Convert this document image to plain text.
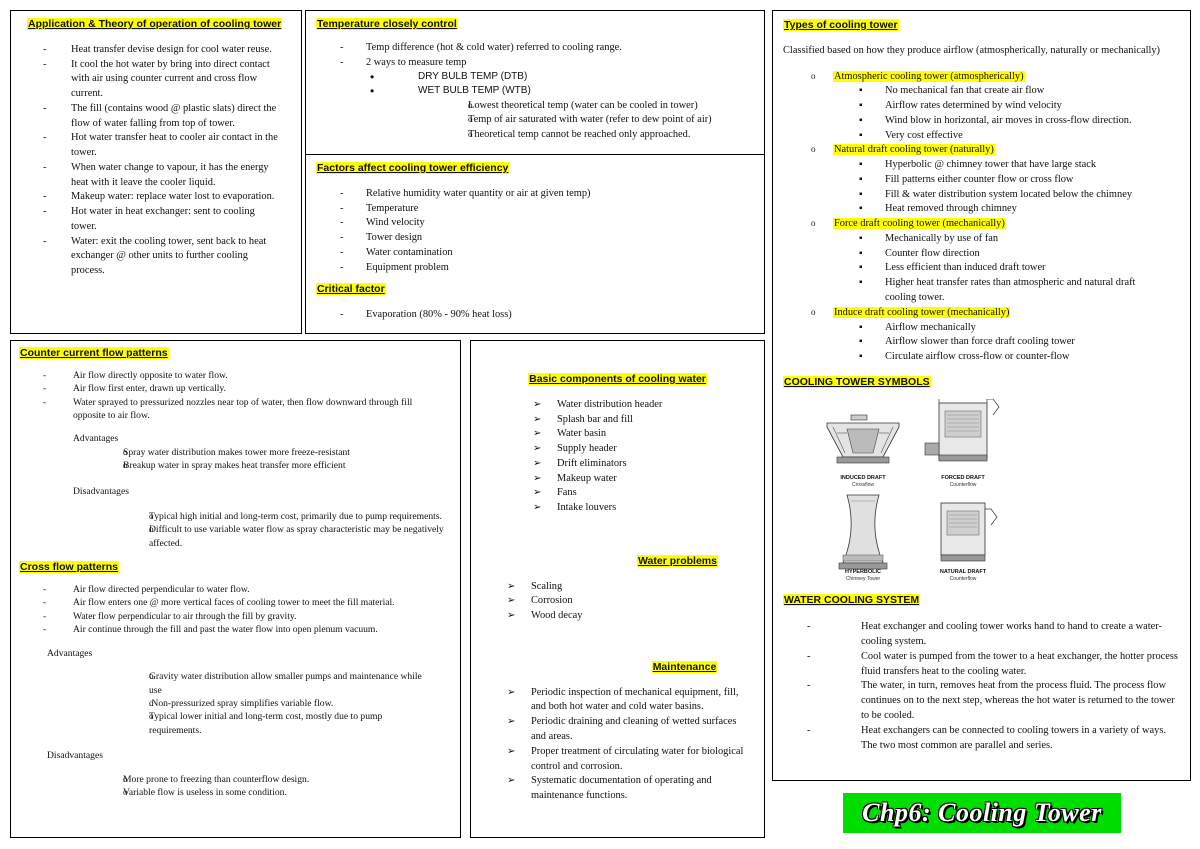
Application & Theory of operation of cooling tower
- Heat transfer devise design for cool water reuse.
- It cool the hot water by bring into direct contact with air using counter current and cross flow current.
- The fill (contains wood @ plastic slats) direct the flow of water falling from top of tower.
- Hot water transfer heat to cooler air contact in the tower.
- When water change to vapour, it has the energy heat with it leave the cooler liquid.
- Makeup water: replace water lost to evaporation.
- Hot water in heat exchanger: sent to cooling tower.
- Water: exit the cooling tower, sent back to heat exchanger @ other units to further cooling process.
Temperature closely control
- Temp difference (hot & cold water) referred to cooling range.
- 2 ways to measure temp
• DRY BULB TEMP (DTB)
• WET BULB TEMP (WTB)
o Lowest theoretical temp (water can be cooled in tower)
o Temp of air saturated with water (refer to dew point of air)
o Theoretical temp cannot be reached only approached.
Factors affect cooling tower efficiency
- Relative humidity water quantity or air at given temp)
- Temperature
- Wind velocity
- Tower design
- Water contamination
- Equipment problem
Critical factor
- Evaporation (80% - 90% heat loss)
Types of cooling tower
Classified based on how they produce airflow (atmospherically, naturally or mechanically)
o Atmospheric cooling tower (atmospherically)
▪ No mechanical fan that create air flow
▪ Airflow rates determined by wind velocity
▪ Wind blow in horizontal, air moves in cross-flow direction.
▪ Very cost effective
o Natural draft cooling tower (naturally)
▪ Hyperbolic @ chimney tower that have large stack
▪ Fill patterns either counter flow or cross flow
▪ Fill & water distribution system located below the chimney
▪ Heat removed through chimney
o Force draft cooling tower (mechanically)
▪ Mechanically by use of fan
▪ Counter flow direction
▪ Less efficient than induced draft tower
▪ Higher heat transfer rates than atmospheric and natural draft cooling tower.
o Induce draft cooling tower (mechanically)
▪ Airflow mechanically
▪ Airflow slower than force draft cooling tower
▪ Circulate airflow cross-flow or counter-flow
COOLING TOWER SYMBOLS
INDUCED DRAFT
Crossflow
FORCED DRAFT
Counterflow
HYPERBOLIC
Chimney Tower
NATURAL DRAFT
Counterflow
WATER COOLING SYSTEM
- Heat exchanger and cooling tower works hand to hand to create a water-cooling system.
- Cool water is pumped from the tower to a heat exchanger, the hotter process fluid transfers heat to the cooling water.
- The water, in turn, removes heat from the process fluid. The process flow continues on to the next step, whereas the hot water is returned to the tower to be cooled.
- Heat exchangers can be connected to cooling towers in a variety of ways. The two most common are parallel and series.
Counter current flow patterns
- Air flow directly opposite to water flow.
- Air flow first enter, drawn up vertically.
- Water sprayed to pressurized nozzles near top of water, then flow downward through fill opposite to air flow.
Advantages
o Spray water distribution makes tower more freeze-resistant
o Breakup water in spray makes heat transfer more efficient
Disadvantages
o Typical high initial and long-term cost, primarily due to pump requirements.
o Difficult to use variable water flow as spray characteristic may be negatively affected.
Cross flow patterns
- Air flow directed perpendicular to water flow.
- Air flow enters one @ more vertical faces of cooling tower to meet the fill material.
- Water flow perpendicular to air through the fill by gravity.
- Air continue through the fill and past the water flow into open plenum vacuum.
Advantages
o Gravity water distribution allow smaller pumps and maintenance while use
o .Non-pressurized spray simplifies variable flow.
o Typical lower initial and long-term cost, mostly due to pump requirements.
Disadvantages
o More prone to freezing than counterflow design.
o Variable flow is useless in some condition.
Basic components of cooling water
➢ Water distribution header
➢ Splash bar and fill
➢ Water basin
➢ Supply header
➢ Drift eliminators
➢ Makeup water
➢ Fans
➢ Intake louvers
Water problems
➢ Scaling
➢ Corrosion
➢ Wood decay
Maintenance
➢ Periodic inspection of mechanical equipment, fill, and both hot water and cold water basins.
➢ Periodic draining and cleaning of wetted surfaces and areas.
➢ Proper treatment of circulating water for biological control and corrosion.
➢ Systematic documentation of operating and maintenance functions.
Chp6: Cooling Tower
